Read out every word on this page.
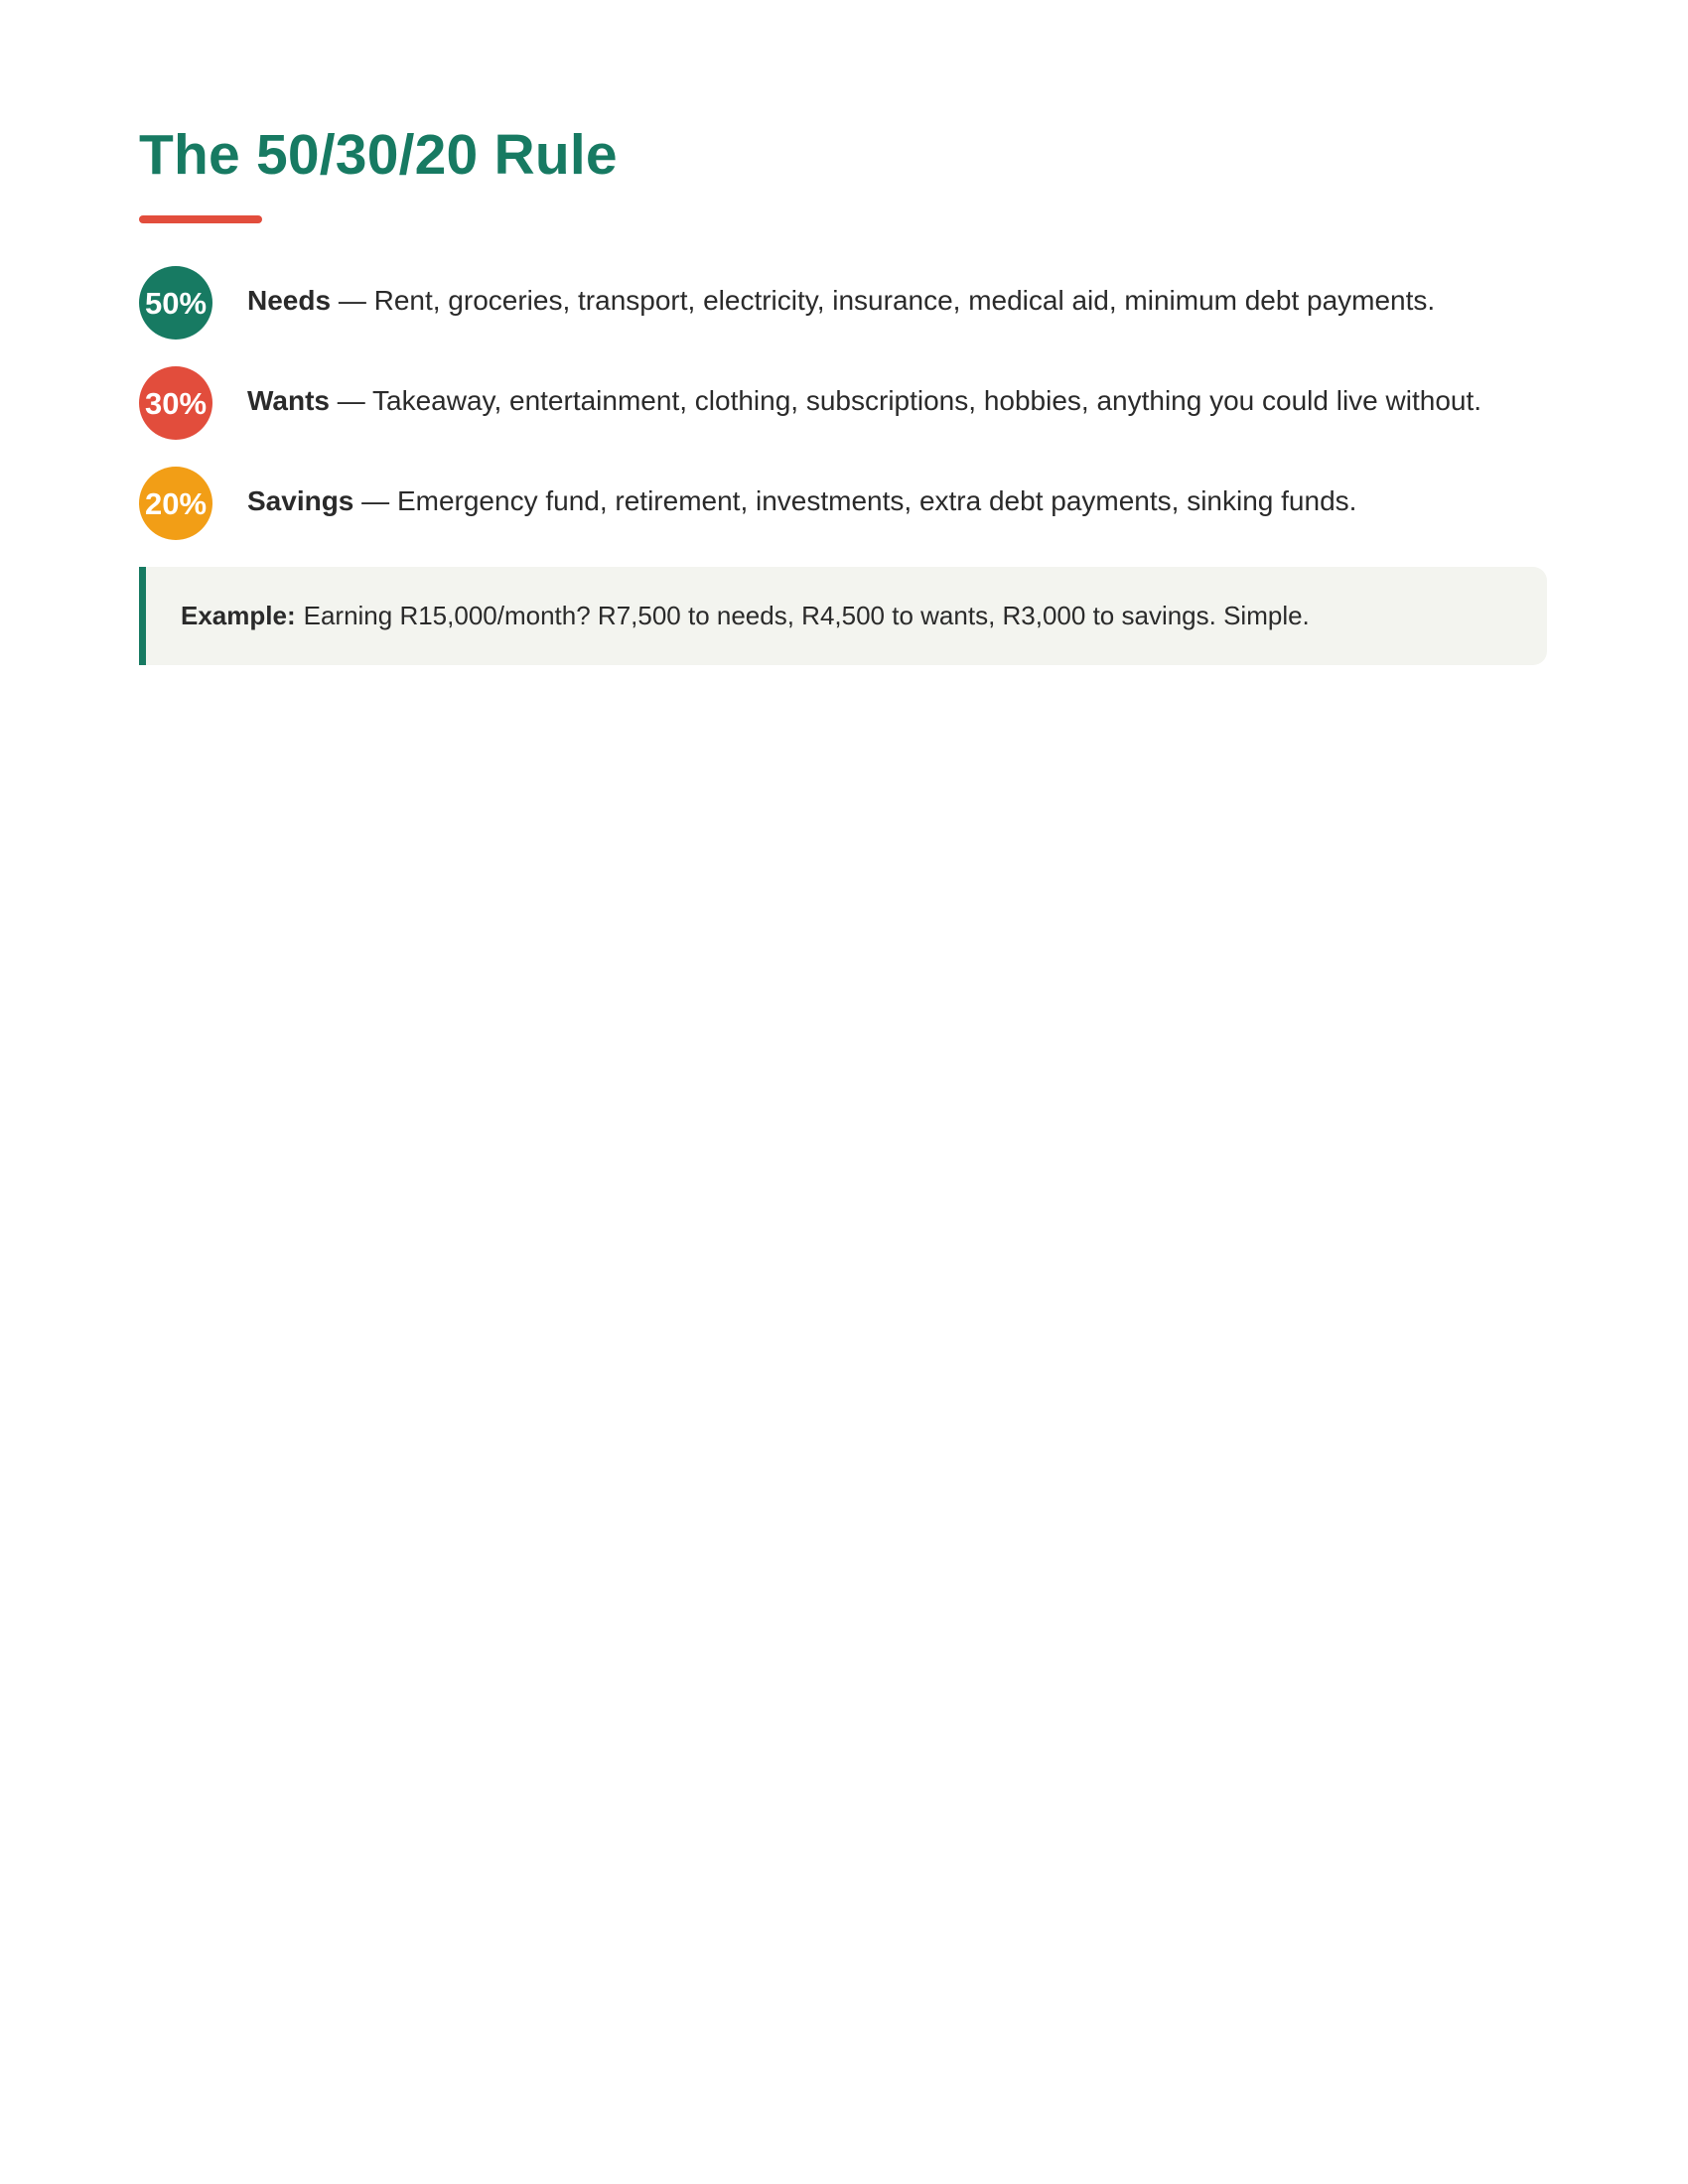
The 50/30/20 Rule
50% Needs — Rent, groceries, transport, electricity, insurance, medical aid, minimum debt payments.
30% Wants — Takeaway, entertainment, clothing, subscriptions, hobbies, anything you could live without.
20% Savings — Emergency fund, retirement, investments, extra debt payments, sinking funds.
Example: Earning R15,000/month? R7,500 to needs, R4,500 to wants, R3,000 to savings. Simple.
